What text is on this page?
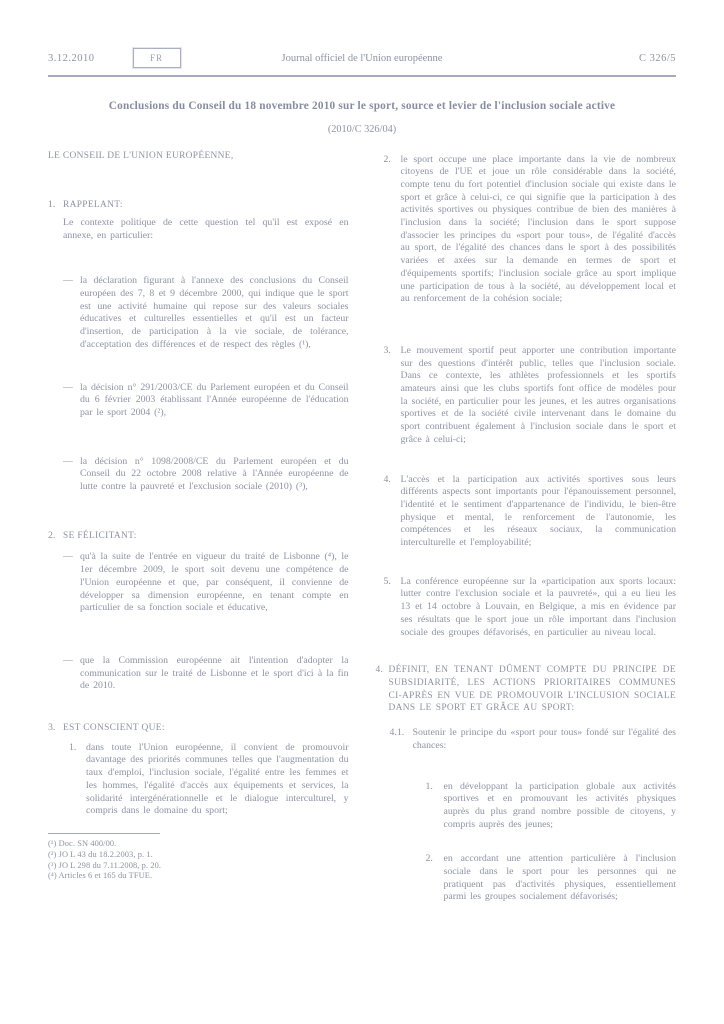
3.12.2010	FR	Journal officiel de l'Union européenne	C 326/5
Conclusions du Conseil du 18 novembre 2010 sur le sport, source et levier de l'inclusion sociale active
(2010/C 326/04)
LE CONSEIL DE L'UNION EUROPÉENNE,
1. RAPPELANT:
Le contexte politique de cette question tel qu'il est exposé en annexe, en particulier:
— la déclaration figurant à l'annexe des conclusions du Conseil européen des 7, 8 et 9 décembre 2000, qui indique que le sport est une activité humaine qui repose sur des valeurs sociales éducatives et culturelles essentielles et qu'il est un facteur d'insertion, de participation à la vie sociale, de tolérance, d'acceptation des différences et de respect des règles (¹),
— la décision n° 291/2003/CE du Parlement européen et du Conseil du 6 février 2003 établissant l'Année européenne de l'éducation par le sport 2004 (²),
— la décision n° 1098/2008/CE du Parlement européen et du Conseil du 22 octobre 2008 relative à l'Année européenne de lutte contre la pauvreté et l'exclusion sociale (2010) (³),
2. SE FÉLICITANT:
— qu'à la suite de l'entrée en vigueur du traité de Lisbonne (⁴), le 1er décembre 2009, le sport soit devenu une compétence de l'Union européenne et que, par conséquent, il convienne de développer sa dimension européenne, en tenant compte en particulier de sa fonction sociale et éducative,
— que la Commission européenne ait l'intention d'adopter la communication sur le traité de Lisbonne et le sport d'ici à la fin de 2010.
3. EST CONSCIENT QUE:
1. dans toute l'Union européenne, il convient de promouvoir davantage des priorités communes telles que l'augmentation du taux d'emploi, l'inclusion sociale, l'égalité entre les femmes et les hommes, l'égalité d'accès aux équipements et services, la solidarité intergénérationnelle et le dialogue interculturel, y compris dans le domaine du sport;
(¹) Doc. SN 400/00.
(²) JO L 43 du 18.2.2003, p. 1.
(³) JO L 298 du 7.11.2008, p. 20.
(⁴) Articles 6 et 165 du TFUE.
2. le sport occupe une place importante dans la vie de nombreux citoyens de l'UE et joue un rôle considérable dans la société, compte tenu du fort potentiel d'inclusion sociale qui existe dans le sport et grâce à celui-ci, ce qui signifie que la participation à des activités sportives ou physiques contribue de bien des manières à l'inclusion dans la société; l'inclusion dans le sport suppose d'associer les principes du «sport pour tous», de l'égalité d'accès au sport, de l'égalité des chances dans le sport à des possibilités variées et axées sur la demande en termes de sport et d'équipements sportifs; l'inclusion sociale grâce au sport implique une participation de tous à la société, au développement local et au renforcement de la cohésion sociale;
3. Le mouvement sportif peut apporter une contribution importante sur des questions d'intérêt public, telles que l'inclusion sociale. Dans ce contexte, les athlètes professionnels et les sportifs amateurs ainsi que les clubs sportifs font office de modèles pour la société, en particulier pour les jeunes, et les autres organisations sportives et de la société civile intervenant dans le domaine du sport contribuent également à l'inclusion sociale dans le sport et grâce à celui-ci;
4. L'accès et la participation aux activités sportives sous leurs différents aspects sont importants pour l'épanouissement personnel, l'identité et le sentiment d'appartenance de l'individu, le bien-être physique et mental, le renforcement de l'autonomie, les compétences et les réseaux sociaux, la communication interculturelle et l'employabilité;
5. La conférence européenne sur la «participation aux sports locaux: lutter contre l'exclusion sociale et la pauvreté», qui a eu lieu les 13 et 14 octobre à Louvain, en Belgique, a mis en évidence par ses résultats que le sport joue un rôle important dans l'inclusion sociale des groupes défavorisés, en particulier au niveau local.
4. DÉFINIT, EN TENANT DÛMENT COMPTE DU PRINCIPE DE SUBSIDIARITÉ, LES ACTIONS PRIORITAIRES COMMUNES CI-APRÈS EN VUE DE PROMOUVOIR L'INCLUSION SOCIALE DANS LE SPORT ET GRÂCE AU SPORT:
4.1. Soutenir le principe du «sport pour tous» fondé sur l'égalité des chances:
1. en développant la participation globale aux activités sportives et en promouvant les activités physiques auprès du plus grand nombre possible de citoyens, y compris auprès des jeunes;
2. en accordant une attention particulière à l'inclusion sociale dans le sport pour les personnes qui ne pratiquent pas d'activités physiques, essentiellement parmi les groupes socialement défavorisés;
